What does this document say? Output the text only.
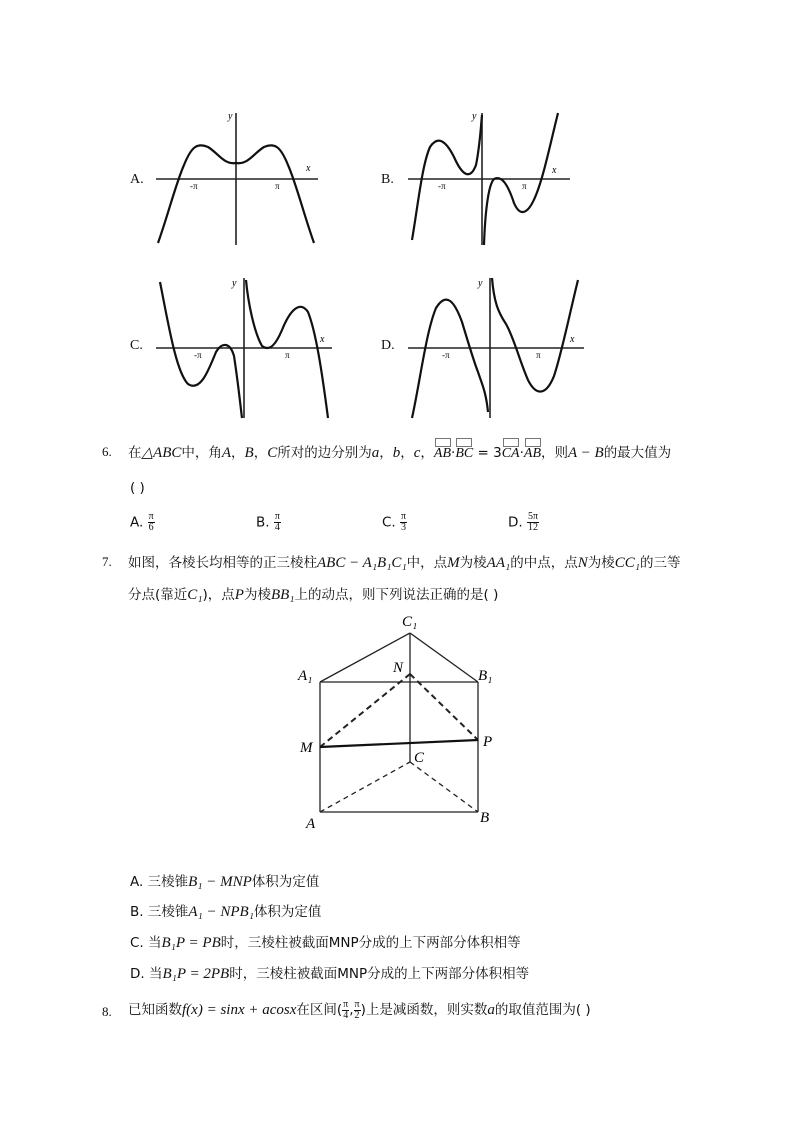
A.	B.
C.	D.
y
x
-π	π
y
x
-π	π
y
x
-π	π
y
x
-π	π
6. 在△ABC中，角A，B，C所对的边分别为a，b，c，
AB·
BC = 3
CA·
AB，则A − B的最大值为
( )
A. $\frac{\pi}{6}$	B. $\frac{\pi}{4}$	C. $\frac{\pi}{3}$	D. $\frac{5\pi}{12}$
7. 如图，各棱长均相等的正三棱柱ABC − A₁B₁C₁中，点M为棱AA₁的中点，点N为棱CC₁的三等
分点(靠近C₁)，点P为棱BB₁上的动点，则下列说法正确的是( )
C₁
A₁	B₁
N
M	P
C
A	B
A. 三棱锥B₁ − MNP体积为定值
B. 三棱锥A₁ − NPB₁体积为定值
C. 当B₁P = PB时，三棱柱被截面MNP分成的上下两部分体积相等
D. 当B₁P = 2PB时，三棱柱被截面MNP分成的上下两部分体积相等
8. 已知函数f(x) = sinx + acosx在区间( $\frac{\pi}{4}$ , $\frac{\pi}{2}$ )上是减函数，则实数a的取值范围为( )
